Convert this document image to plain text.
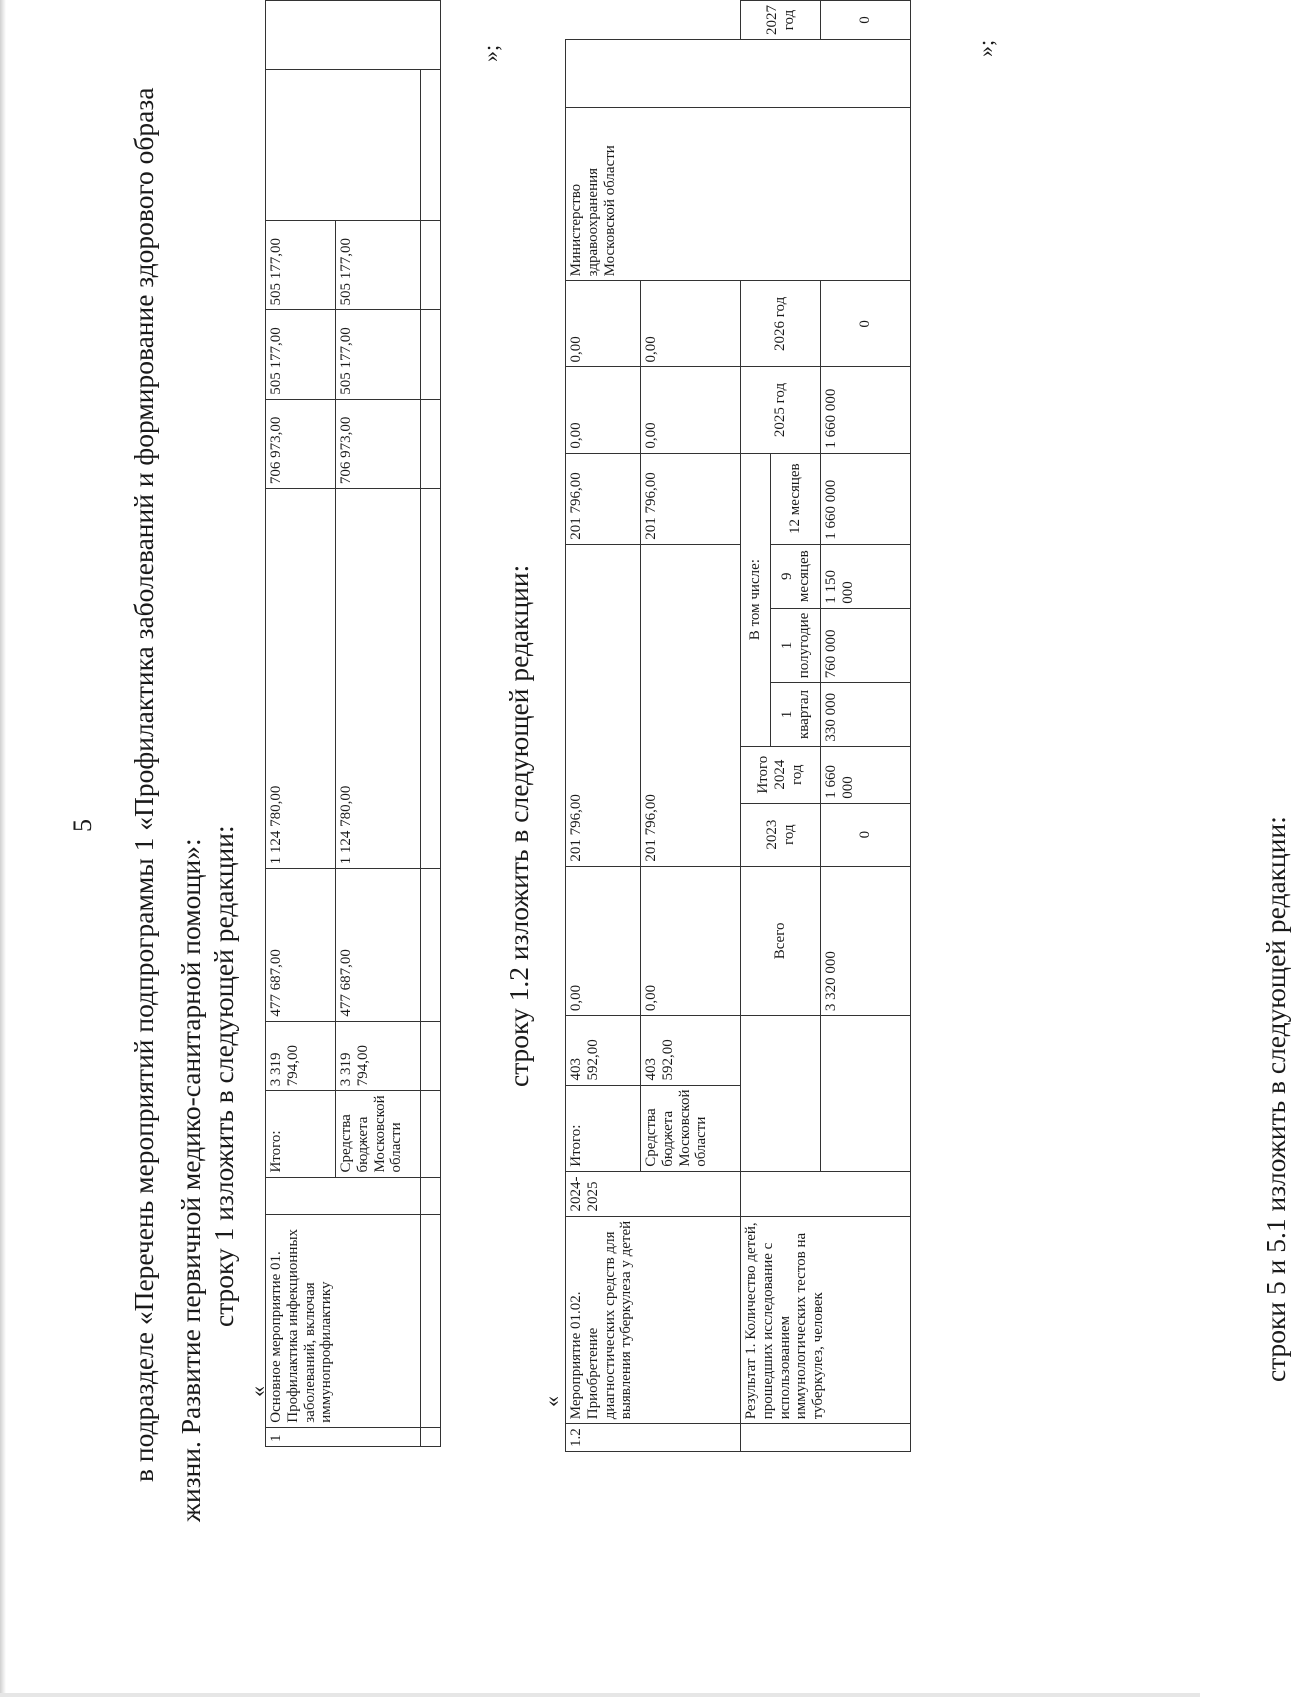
5 в подразделе «Перечень мероприятий подпрограммы 1 «Профилактика заболеваний и формирование здорового образа жизни. Развитие первичной медико-санитарной помощи»: строку 1 изложить в следующей редакции:
«
1	Основное мероприятие 01. Профилактика инфекционных заболеваний, включая иммунопрофилактику		Итого:	3 319 794,00	477 687,00	1 124 780,00	706 973,00	505 177,00	505 177,00		
			Средства бюджета Московской области	3 319 794,00	477 687,00	1 124 780,00	706 973,00	505 177,00	505 177,00		

»;
строку 1.2 изложить в следующей редакции:
«
1.2	Мероприятие 01.02. Приобретение диагностических средств для выявления туберкулеза у детей	2024-2025	Итого:	403 592,00	0,00	201 796,00					201 796,00	0,00	0,00	Министерство здравоохранения Московской области		
			Средства бюджета Московской области	403 592,00	0,00	201 796,00					201 796,00	0,00	0,00			
	Результат 1. Количество детей, прошедших исследование с использованием иммунологических тестов на туберкулез, человек				Всего	2023 год	Итого 2024 год	В том числе:				2025 год	2026 год			2027 год
								1 квартал	1 полугодие	9 месяцев	12 месяцев					
					3 320 000	0	1 660 000	330 000	760 000	1 150 000	1 660 000	1 660 000	0			0
»;
строки 5 и 5.1 изложить в следующей редакции:
